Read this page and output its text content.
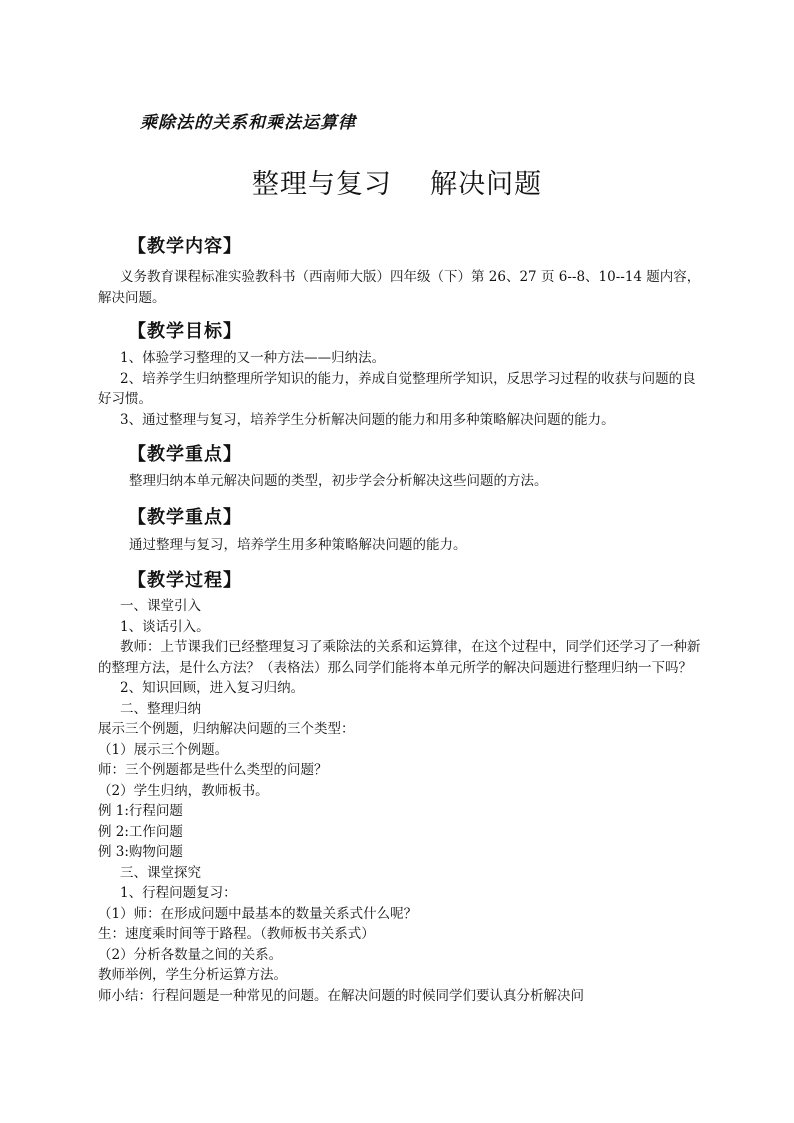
乘除法的关系和乘法运算律
整理与复习    解决问题
【教学内容】

义务教育课程标准实验教科书（西南师大版）四年级（下）第 26、27 页 6--8、10--14 题内容，解决问题。

【教学目标】

1、体验学习整理的又一种方法——归纳法。

2、培养学生归纳整理所学知识的能力，养成自觉整理所学知识，反思学习过程的收获与问题的良好习惯。

3、通过整理与复习，培养学生分析解决问题的能力和用多种策略解决问题的能力。

【教学重点】

整理归纳本单元解决问题的类型，初步学会分析解决这些问题的方法。

【教学重点】

通过整理与复习，培养学生用多种策略解决问题的能力。

【教学过程】

一、课堂引入

1、谈话引入。

教师：上节课我们已经整理复习了乘除法的关系和运算律，在这个过程中，同学们还学习了一种新的整理方法，是什么方法？（表格法）那么同学们能将本单元所学的解决问题进行整理归纳一下吗？

2、知识回顾，进入复习归纳。

二、整理归纳

展示三个例题，归纳解决问题的三个类型：

（1）展示三个例题。

师：三个例题都是些什么类型的问题？

（2）学生归纳，教师板书。

例 1:行程问题

例 2:工作问题

例 3:购物问题

三、课堂探究

1、行程问题复习：

（1）师：在形成问题中最基本的数量关系式什么呢？

生：速度乘时间等于路程。（教师板书关系式）

（2）分析各数量之间的关系。

教师举例，学生分析运算方法。

师小结：行程问题是一种常见的问题。在解决问题的时候同学们要认真分析解决问
